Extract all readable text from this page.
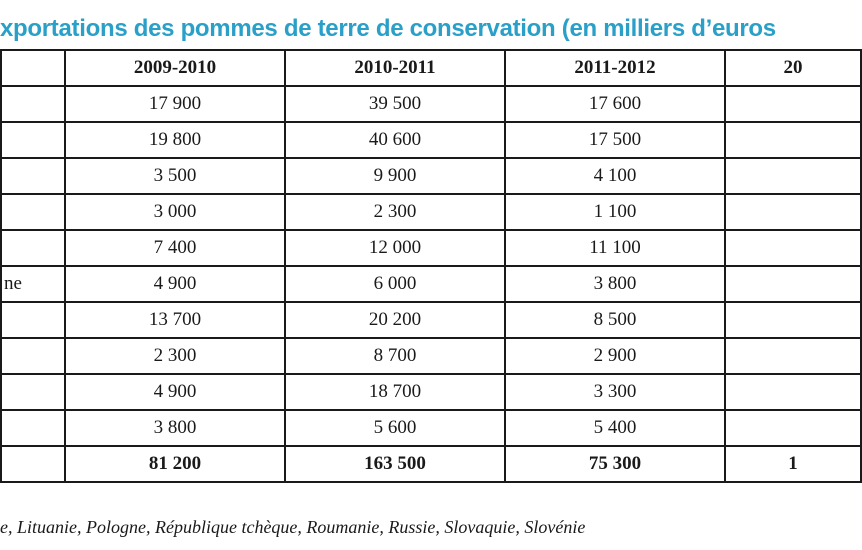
xportations des pommes de terre de conservation (en milliers d’euros
	2009-2010	2010-2011	2011-2012	20
	17 900	39 500	17 600	
	19 800	40 600	17 500	
	3 500	9 900	4 100	
	3 000	2 300	1 100	
	7 400	12 000	11 100	
ne	4 900	6 000	3 800	
	13 700	20 200	8 500	
	2 300	8 700	2 900	
	4 900	18 700	3 300	
	3 800	5 600	5 400	
	81 200	163 500	75 300	1
e, Lituanie, Pologne, République tchèque, Roumanie, Russie, Slovaquie, Slovénie
